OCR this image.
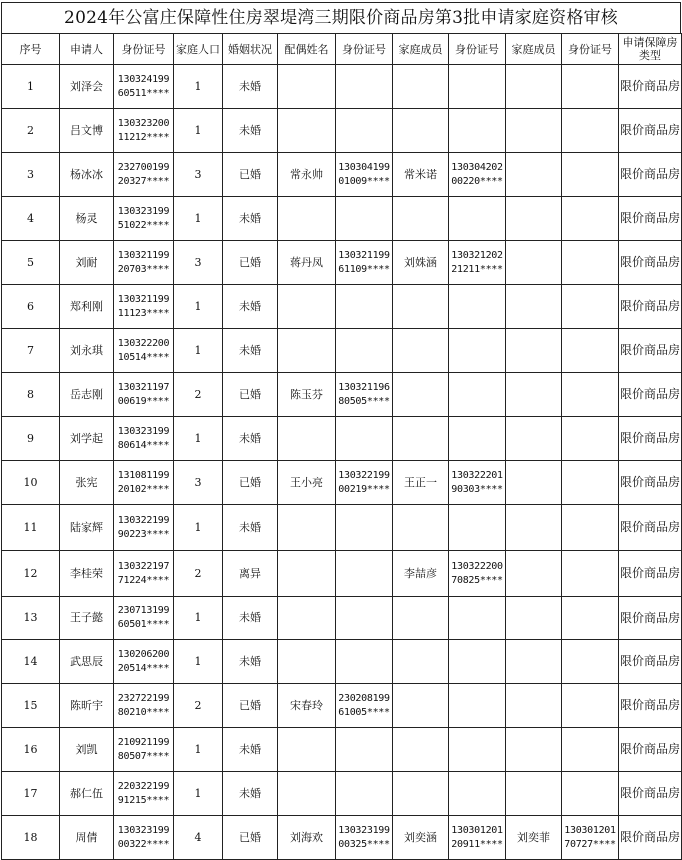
2024年公富庄保障性住房翠堤湾三期限价商品房第3批申请家庭资格审核
序号	申请人	身份证号	家庭人口	婚姻状况	配偶姓名	身份证号	家庭成员	身份证号	家庭成员	身份证号	申请保障房类型
1	刘泽会	13032419960511****	1	未婚							限价商品房
2	吕文博	13032320011212****	1	未婚							限价商品房
3	杨冰冰	23270019920327****	3	已婚	常永帅	13030419901009****	常米诺	13030420200220****			限价商品房
4	杨灵	13032319951022****	1	未婚							限价商品房
5	刘耐	13032119920703****	3	已婚	蒋丹凤	13032119961109****	刘姝涵	13032120221211****			限价商品房
6	郑利刚	13032119911123****	1	未婚							限价商品房
7	刘永琪	13032220010514****	1	未婚							限价商品房
8	岳志刚	13032119700619****	2	已婚	陈玉芬	13032119680505****					限价商品房
9	刘学起	13032319980614****	1	未婚							限价商品房
10	张宪	13108119920102****	3	已婚	王小亮	13032219900219****	王正一	13032220190303****			限价商品房
11	陆家辉	13032219990223****	1	未婚							限价商品房
12	李桂荣	13032219771224****	2	离异			李喆彦	13032220070825****			限价商品房
13	王子懿	23071319960501****	1	未婚							限价商品房
14	武思辰	13020620020514****	1	未婚							限价商品房
15	陈昕宇	23272219980210****	2	已婚	宋春玲	23020819961005****					限价商品房
16	刘凯	21092119980507****	1	未婚							限价商品房
17	郝仁伍	22032219991215****	1	未婚							限价商品房
18	周倩	13032319900322****	4	已婚	刘海欢	13032319900325****	刘奕涵	13030120120911****	刘奕菲	13030120170727****	限价商品房
